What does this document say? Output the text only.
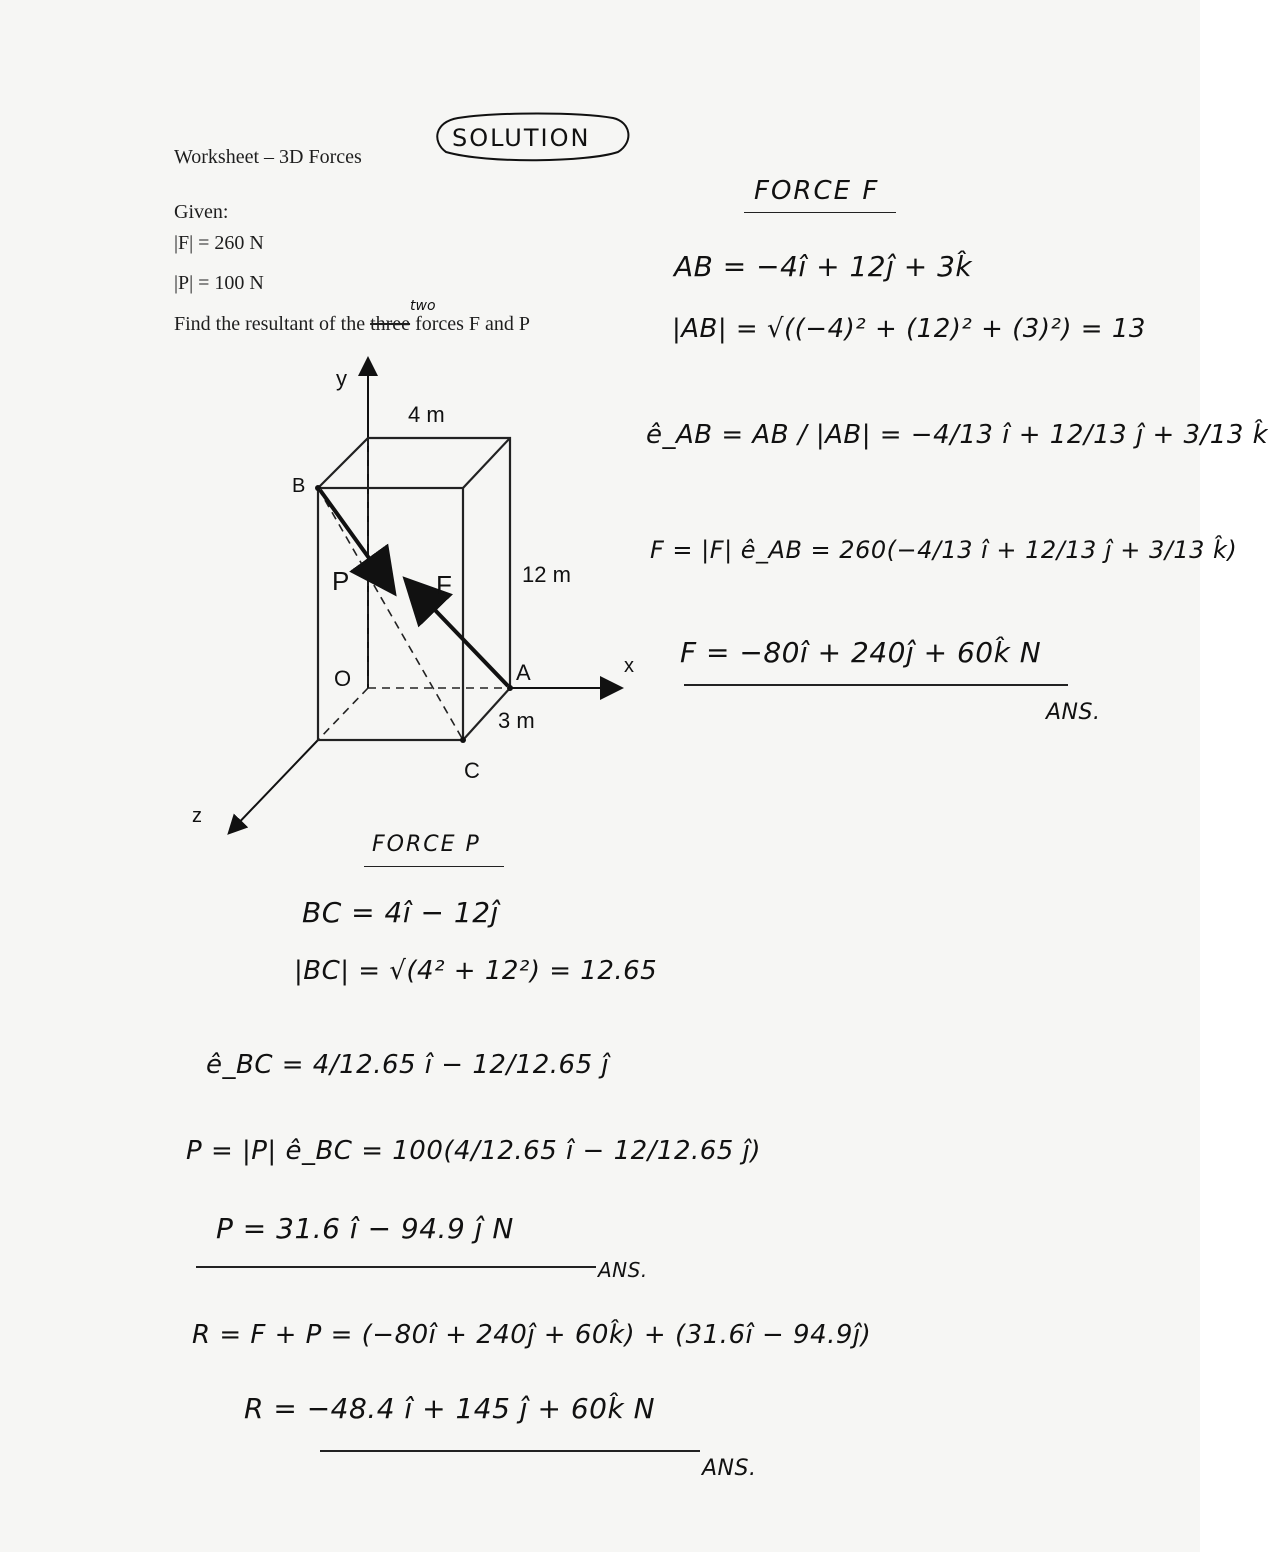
Worksheet – 3D Forces
SOLUTION
Given:
|F| = 260 N
|P| = 100 N
Find the resultant of the three forces F and P
two
y
x
z
4 m
12 m
3 m
B
O	A
C
P	F
FORCE F
AB = −4î + 12ĵ + 3k̂
|AB| = √((−4)² + (12)² + (3)²) = 13
ê_AB = AB / |AB| = −4/13 î + 12/13 ĵ + 3/13 k̂
F = |F| ê_AB = 260(−4/13 î + 12/13 ĵ + 3/13 k̂)
F = −80î + 240ĵ + 60k̂ N
ANS.
FORCE P
BC = 4î − 12ĵ
|BC| = √(4² + 12²) = 12.65
ê_BC = 4/12.65 î − 12/12.65 ĵ
P = |P| ê_BC = 100(4/12.65 î − 12/12.65 ĵ)
P = 31.6 î − 94.9 ĵ N
ANS.
R = F + P = (−80î + 240ĵ + 60k̂) + (31.6î − 94.9ĵ)
R = −48.4 î + 145 ĵ + 60k̂ N
ANS.
